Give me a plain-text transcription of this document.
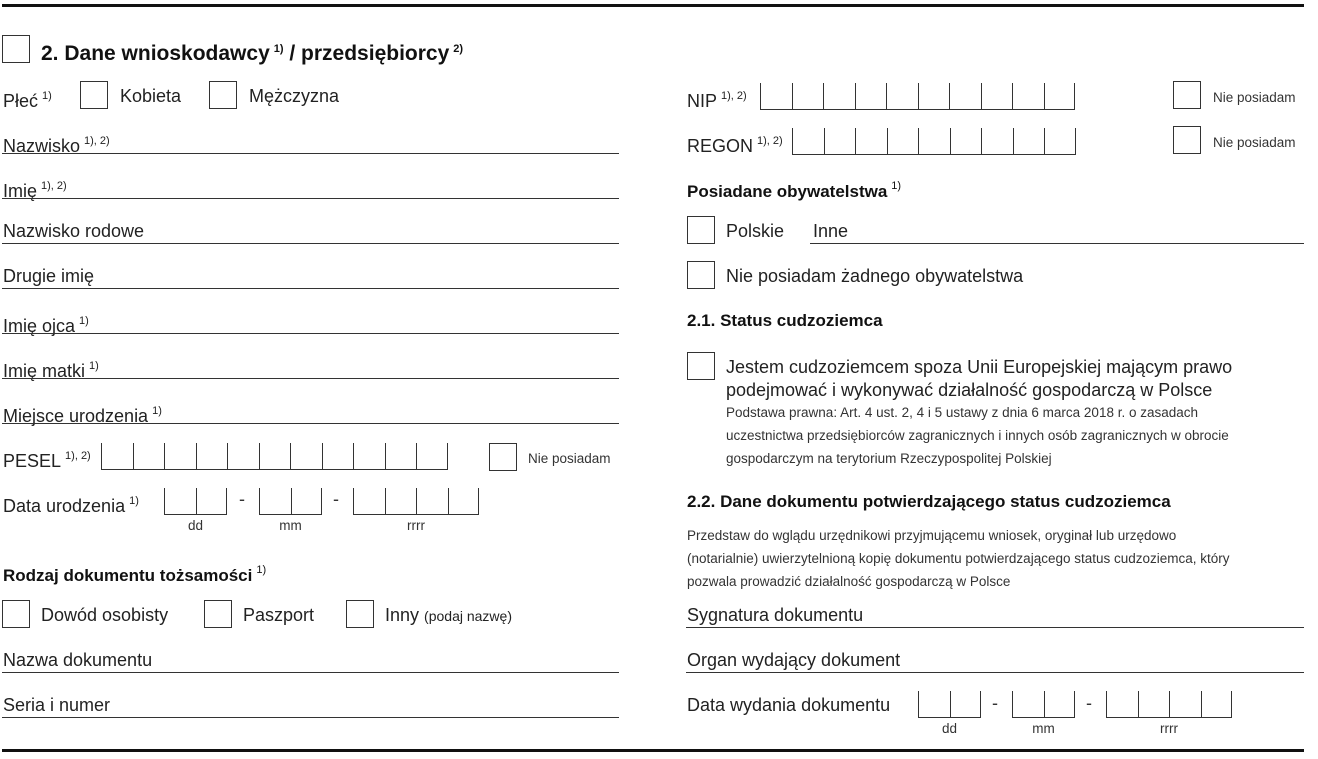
2. Dane wnioskodawcy $^{1)}$ / przedsiębiorcy $^{2)}$
Płeć $^{1)}$	Kobieta	Mężczyzna
Nazwisko $^{1), 2)}$
Imię $^{1), 2)}$
Nazwisko rodowe
Drugie imię
Imię ojca $^{1)}$
Imię matki $^{1)}$
Miejsce urodzenia $^{1)}$
PESEL $^{1), 2)}$	Nie posiadam
Data urodzenia $^{1)}$	-	-
dd	mm	rrrr
Rodzaj dokumentu tożsamości $^{1)}$
Dowód osobisty	Paszport	Inny (podaj nazwę)
Nazwa dokumentu
Seria i numer
NIP $^{1), 2)}$	Nie posiadam
REGON $^{1), 2)}$	Nie posiadam
Posiadane obywatelstwa $^{1)}$
Polskie Inne
Nie posiadam żadnego obywatelstwa
2.1. Status cudzoziemca
Jestem cudzoziemcem spoza Unii Europejskiej mającym prawo
podejmować i wykonywać działalność gospodarczą w Polsce
Podstawa prawna: Art. 4 ust. 2, 4 i 5 ustawy z dnia 6 marca 2018 r. o zasadach
uczestnictwa przedsiębiorców zagranicznych i innych osób zagranicznych w obrocie
gospodarczym na terytorium Rzeczypospolitej Polskiej
2.2. Dane dokumentu potwierdzającego status cudzoziemca
Przedstaw do wglądu urzędnikowi przyjmującemu wniosek, oryginał lub urzędowo
(notarialnie) uwierzytelnioną kopię dokumentu potwierdzającego status cudzoziemca, który
pozwala prowadzić działalność gospodarczą w Polsce
Sygnatura dokumentu
Organ wydający dokument
Data wydania dokumentu	-	-
dd	mm	rrrr
